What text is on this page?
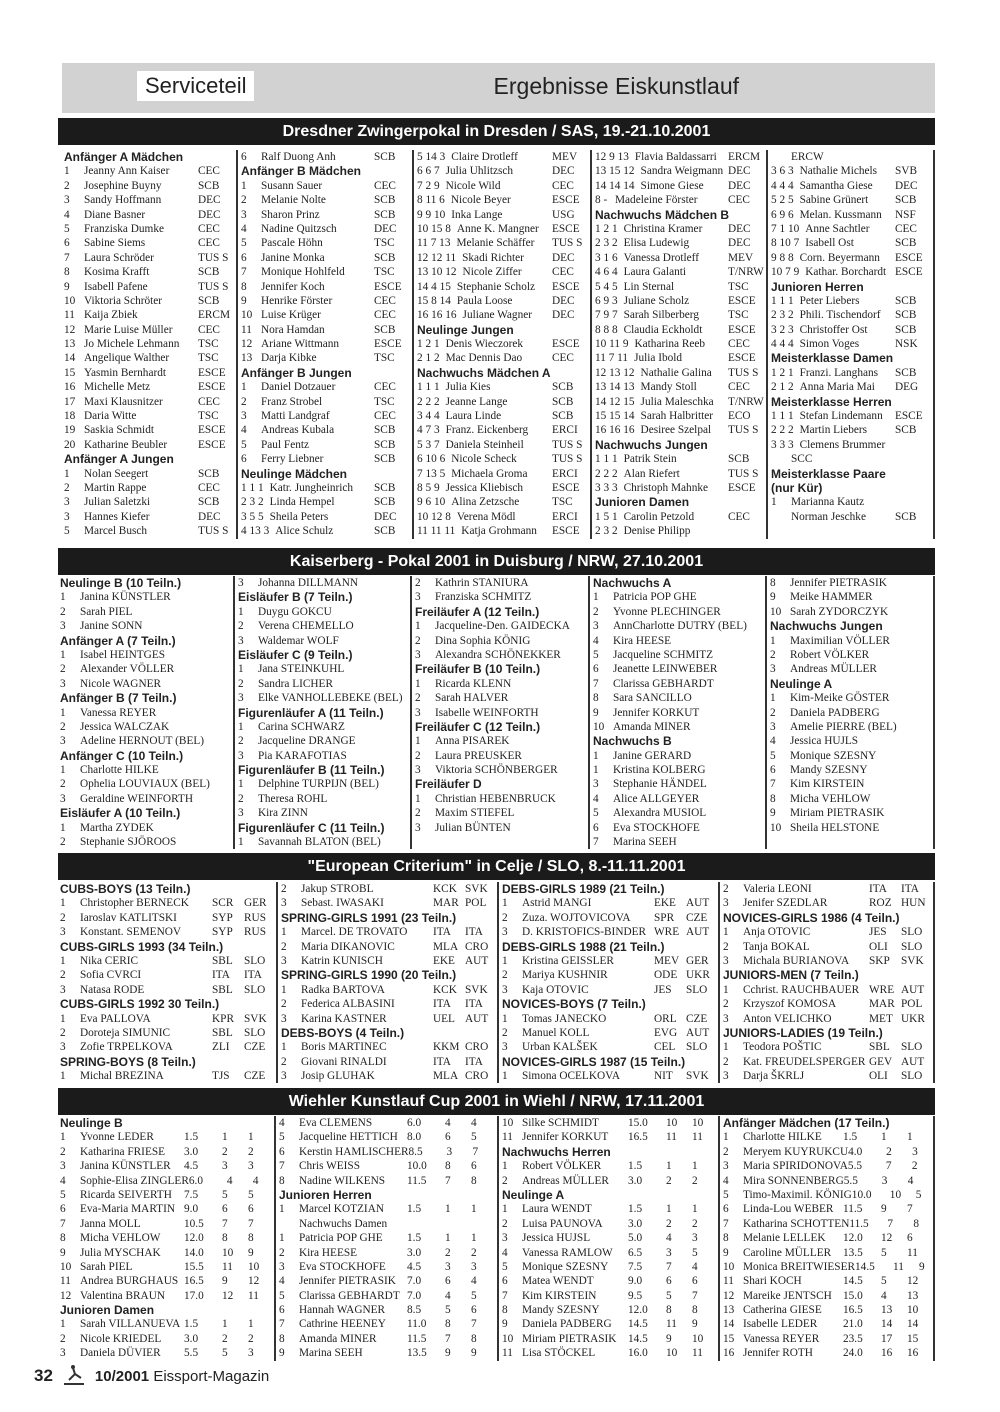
Serviceteil	Ergebnisse Eiskunstlauf
Dresdner Zwingerpokal in Dresden / SAS, 19.-21.10.2001
Anfänger A Mädchen
1	Jeanny Ann Kaiser	CEC
2	Josephine Buyny	SCB
3	Sandy Hoffmann	DEC
4	Diane Basner	DEC
5	Franziska Dumke	CEC
6	Sabine Siems	CEC
7	Laura Schröder	TUS S
8	Kosima Krafft	SCB
9	Isabell Pafene	TUS S
10 Viktoria Schröter	SCB
11 Kaija Zbiek	ERCM
12 Marie Luise Müller	CEC
13 Jo Michele Lehmann	TSC
14 Angelique Walther	TSC
15 Yasmin Bernhardt	ESCE
16 Michelle Metz	ESCE
17 Maxi Klausnitzer	CEC
18 Daria Witte	TSC
19 Saskia Schmidt	ESCE
20 Katharine Beubler	ESCE
Anfänger A Jungen
1	Nolan Seegert	SCB
2	Martin Rappe	CEC
3	Julian Saletzki	SCB
3	Hannes Kiefer	DEC
5	Marcel Busch	TUS S
6	Ralf Duong Anh	SCB
Anfänger B Mädchen
1	Susann Sauer	CEC
2	Melanie Nolte	SCB
3	Sharon Prinz	SCB
4	Nadine Quitzsch	DEC
5	Pascale Höhn	TSC
6	Janine Monka	SCB
7	Monique Hohlfeld	TSC
8	Jennifer Koch	ESCE
9	Henrike Förster	CEC
10 Luise Krüger	CEC
11 Nora Hamdan	SCB
12 Ariane Wittmann	ESCE
13 Darja Kibke	TSC
Anfänger B Jungen
1	Daniel Dotzauer	CEC
2	Franz Strobel	TSC
3	Matti Landgraf	CEC
4	Andreas Kubala	SCB
5	Paul Fentz	SCB
6	Ferry Liebner	SCB
Neulinge Mädchen
1 1 1 Katr. Jungheinrich	SCB
2 3 2 Linda Hempel	SCB
3 5 5 Sheila Peters	DEC
4 13 3 Alice Schulz	SCB
5 14 3 Claire Drotleff	MEV
6 6 7 Julia Uhlitzsch	DEC
7 2 9 Nicole Wild	CEC
8 11 6 Nicole Beyer	ESCE
9 9 10 Inka Lange	USG
10 15 8 Anne K. Mangner	ESCE
11 7 13 Melanie Schäffer	TUS S
12 12 11 Skadi Richter	DEC
13 10 12 Nicole Ziffer	CEC
14 4 15 Stephanie Scholz	ESCE
15 8 14 Paula Loose	DEC
16 16 16 Juliane Wagner	DEC
Neulinge Jungen
1 2 1 Denis Wieczorek	ESCE
2 1 2 Mac Dennis Dao	CEC
Nachwuchs Mädchen A
1 1 1 Julia Kies	SCB
2 2 2 Jeanne Lange	SCB
3 4 4 Laura Linde	SCB
4 7 3 Franz. Eickenberg	ERCI
5 3 7 Daniela Steinheil	TUS S
6 10 6 Nicole Scheck	TUS S
7 13 5 Michaela Groma	ERCI
8 5 9 Jessica Kliebisch	ESCE
9 6 10 Alina Zetzsche	TSC
10 12 8 Verena Mödl	ERCI
11 11 11 Katja Grohmann	ESCE
12 9 13 Flavia Baldassarri ERCM
13 15 12 Sandra Weigmann DEC
14 14 14 Simone Giese	DEC
8 - Madeleine Förster	CEC
Nachwuchs Mädchen B
1 2 1 Christina Kramer	DEC
2 3 2 Elisa Ludewig	DEC
3 1 6 Vanessa Drotleff	MEV
4 6 4 Laura Galanti	T/NRW
5 4 5 Lin Sternal	TSC
6 9 3 Juliane Scholz	ESCE
7 9 7 Sarah Silberberg	TSC
8 8 8 Claudia Eckholdt	ESCE
10 11 9 Katharina Reeb	CEC
11 7 11 Julia Ibold	ESCE
12 13 12 Nathalie Galina	TUS S
13 14 13 Mandy Stoll	CEC
14 12 15 Julia Maleschka	T/NRW
15 15 14 Sarah Halbritter	ECO
16 16 16 Desiree Szelpal	TUS S
Nachwuchs Jungen
1 1 1 Patrik Stein	SCB
2 2 2 Alan Riefert	TUS S
3 3 3 Christoph Mahnke	ESCE
Junioren Damen
1 5 1 Carolin Petzold	CEC
2 3 2 Denise Philipp
ERCW
3 6 3 Nathalie Michels	SVB
4 4 4 Samantha Giese	DEC
5 2 5 Sabine Grünert	SCB
6 9 6 Melan. Kussmann	NSF
7 1 10 Anne Sachtler	CEC
8 10 7 Isabell Ost	SCB
9 8 8 Corn. Beyermann	ESCE
10 7 9 Kathar. Borchardt ESCE
Junioren Herren
1 1 1 Peter Liebers	SCB
2 3 2 Phili. Tischendorf	SCB
3 2 3 Christoffer Ost	SCB
4 4 4 Simon Voges	NSK
Meisterklasse Damen
1 2 1 Franzi. Langhans	SCB
2 1 2 Anna Maria Mai	DEG
Meisterklasse Herren
1 1 1 Stefan Lindemann	ESCE
2 2 2 Martin Liebers	SCB
3 3 3 Clemens Brummer
SCC
Meisterklasse Paare
(nur Kür)
1	Marianna Kautz
Norman Jeschke	SCB
Kaiserberg - Pokal 2001 in Duisburg / NRW, 27.10.2001
Neulinge B (10 Teiln.)
1	Janina KÜNSTLER
2	Sarah PIEL
3	Janine SONN
Anfänger A (7 Teiln.)
1	Isabel HEINTGES
2	Alexander VÖLLER
3	Nicole WAGNER
Anfänger B (7 Teiln.)
1	Vanessa REYER
2	Jessica WALCZAK
3	Adeline HERNOUT (BEL)
Anfänger C (10 Teiln.)
1	Charlotte HILKE
2	Ophelia LOUVIAUX (BEL)
3	Geraldine WEINFORTH
Eisläufer A (10 Teiln.)
1	Martha ZYDEK
2	Stephanie SJÖROOS
3	Johanna DILLMANN
Eisläufer B (7 Teiln.)
1	Duygu GOKCU
2	Verena CHEMELLO
3	Waldemar WOLF
Eisläufer C (9 Teiln.)
1	Jana STEINKUHL
2	Sandra LICHER
3	Elke VANHOLLEBEKE (BEL)
Figurenläufer A (11 Teiln.)
1	Carina SCHWARZ
2	Jacqueline DRANGE
3	Pia KARAFOTIAS
Figurenläufer B (11 Teiln.)
1	Delphine TURPIJN (BEL)
2	Theresa ROHL
3	Kira ZINN
Figurenläufer C (11 Teiln.)
1	Savannah BLATON (BEL)
2	Kathrin STANIURA
3	Franziska SCHMITZ
Freiläufer A (12 Teiln.)
1	Jacqueline-Den. GAIDECKA
2	Dina Sophia KÖNIG
3	Alexandra SCHÖNEKKER
Freiläufer B (10 Teiln.)
1	Ricarda KLENN
2	Sarah HALVER
3	Isabelle WEINFORTH
Freiläufer C (12 Teiln.)
1	Anna PISAREK
2	Laura PREUSKER
3	Viktoria SCHÖNBERGER
Freiläufer D
1	Christian HEBENBRUCK
2	Maxim STIEFEL
3	Julian BÜNTEN
Nachwuchs A
1	Patricia POP GHE
2	Yvonne PLECHINGER
3	AnnCharlotte DUTRY (BEL)
4	Kira HEESE
5	Jacqueline SCHMITZ
6	Jeanette LEINWEBER
7	Clarissa GEBHARDT
8	Sara SANCILLO
9	Jennifer KORKUT
10 Amanda MINER
Nachwuchs B
1	Janine GERARD
1	Kristina KOLBERG
3	Stephanie HÄNDEL
4	Alice ALLGEYER
5	Alexandra MUSIOL
6	Eva STOCKHOFE
7	Marina SEEH
8	Jennifer PIETRASIK
9	Meike HAMMER
10 Sarah ZYDORCZYK
Nachwuchs Jungen
1	Maximilian VÖLLER
2	Robert VÖLKER
3	Andreas MÜLLER
Neulinge A
1	Kim-Meike GÖSTER
2	Daniela PADBERG
3	Amelie PIERRE (BEL)
4	Jessica HUJLS
5	Monique SZESNY
6	Mandy SZESNY
7	Kim KIRSTEIN
8	Micha VEHLOW
9	Miriam PIETRASIK
10 Sheila HELSTONE
"European Criterium" in Celje / SLO, 8.-11.11.2001
CUBS-BOYS (13 Teiln.)
1	Christopher BERNECK	SCR GER
2	Iaroslav KATLITSKI	SYP RUS
3	Konstant. SEMENOV	SYP RUS
CUBS-GIRLS 1993 (34 Teiln.)
1	Nika CERIC	SBL SLO
2	Sofia CVRCI	ITA	ITA
3	Natasa RODE	SBL SLO
CUBS-GIRLS 1992 30 Teiln.)
1	Eva PALLOVA	KPR SVK
2	Doroteja SIMUNIC	SBL SLO
3	Zofie TRPELKOVA	ZLI	CZE
SPRING-BOYS (8 Teiln.)
1	Michal BREZINA	TJS	CZE
2	Jakup STROBL	KCK SVK
3	Sebast. IWASAKI	MAR POL
SPRING-GIRLS 1991 (23 Teiln.)
1	Marcel. DE TROVATO	ITA	ITA
2	Maria DIKANOVIC	MLA CRO
3	Katrin KUNISCH	EKE AUT
SPRING-GIRLS 1990 (20 Teiln.)
1	Radka BARTOVA	KCK SVK
2	Federica ALBASINI	ITA	ITA
3	Karina KASTNER	UEL AUT
DEBS-BOYS (4 Teiln.)
1	Boris MARTINEC	KKM CRO
2	Giovani RINALDI	ITA	ITA
3	Josip GLUHAK	MLA CRO
DEBS-GIRLS 1989 (21 Teiln.)
1	Astrid MANGI	EKE AUT
2	Zuza. WOJTOVICOVA	SPR	CZE
3	D. KRISTOFICS-BINDER WRE AUT
DEBS-GIRLS 1988 (21 Teiln.)
1	Kristina GEISSLER	MEV GER
2	Mariya KUSHNIR	ODE UKR
3	Kaja OTOVIC	JES	SLO
NOVICES-BOYS (7 Teiln.)
1	Tomas JANECKO	ORL CZE
2	Manuel KOLL	EVG AUT
3	Urban KALŠEK	CEL SLO
NOVICES-GIRLS 1987 (15 Teiln.)
1	Simona OCELKOVA	NIT	SVK
2	Valeria LEONI	ITA	ITA
3	Jenifer SZEDLAR	ROZ HUN
NOVICES-GIRLS 1986 (4 Teiln.)
1	Anja OTOVIC	JES	SLO
2	Tanja BOKAL	OLI	SLO
3	Michala BURIANOVA	SKP SVK
JUNIORS-MEN (7 Teiln.)
1	Cchrist. RAUCHBAUER WRE AUT
2	Krzyszof KOMOSA	MAR POL
3	Anton VELICHKO	MET UKR
JUNIORS-LADIES (19 Teiln.)
1	Teodora POŠTIC	SBL SLO
2	Kat. FREUDELSPERGER GEV AUT
3	Darja ŠKRLJ	OLI	SLO
Wiehler Kunstlauf Cup 2001 in Wiehl / NRW, 17.11.2001
Neulinge B
1	Yvonne LEDER	1.5	1	1
2	Katharina FRIESE	3.0	2	2
3	Janina KÜNSTLER	4.5	3	3
4	Sophie-Elisa ZINGLER 6.0	4	4
5	Ricarda SEIVERTH	7.5	5	5
6	Eva-Maria MARTIN 9.0	6	6
7	Janna MOLL	10.5	7	7
8	Micha VEHLOW	12.0	8	8
9	Julia MYSCHAK	14.0	10	9
10 Sarah PIEL	15.5	11	10
11 Andrea BURGHAUS 16.5	9	12
12 Valentina BRAUN	17.0	12	11
Junioren Damen
1	Sarah VILLANUEVA 1.5	1	1
2	Nicole KRIEDEL	3.0	2	2
3	Daniela DÜVIER	5.5	5	3
4	Eva CLEMENS	6.0	4	4
5	Jacqueline HETTICH 8.0	6	5
6	Kerstin HAMLISCHER 8.5	3	7
7	Chris WEISS	10.0	8	6
8	Nadine WILKENS	11.5	7	8
Junioren Herren
1	Marcel KOTZIAN	1.5	1	1
Nachwuchs Damen
1	Patricia POP GHE	1.5	1	1
2	Kira HEESE	3.0	2	2
3	Eva STOCKHOFE	4.5	3	3
4	Jennifer PIETRASIK 7.0	6	4
5	Clarissa GEBHARDT 7.0	4	5
6	Hannah WAGNER	8.5	5	6
7	Cathrine HEENEY	11.0	8	7
8	Amanda MINER	11.5	7	8
9	Marina SEEH	13.5	9	9
10 Silke SCHMIDT	15.0	10	10
11 Jennifer KORKUT	16.5	11	11
Nachwuchs Herren
1	Robert VÖLKER	1.5	1	1
2	Andreas MÜLLER	3.0	2	2
Neulinge A
1	Laura WENDT	1.5	1	1
2	Luisa PAUNOVA	3.0	2	2
3	Jessica HUJSL	5.0	4	3
4	Vanessa RAMLOW	6.5	3	5
5	Monique SZESNY	7.5	7	4
6	Matea WENDT	9.0	6	6
7	Kim KIRSTEIN	9.5	5	7
8	Mandy SZESNY	12.0	8	8
9	Daniela PADBERG	14.5	11	9
10 Miriam PIETRASIK	14.5	9	10
11 Lisa STÖCKEL	16.0	10	11
Anfänger Mädchen (17 Teiln.)
1	Charlotte HILKE	1.5	1	1
2	Meryem KUYRUKCU 4.0	2	3
3	Maria SPIRIDONOVA 5.5	7	2
4	Mira SONNENBERG 5.5	3	4
5	Timo-Maximil. KÖNIG 10.0	10	5
6	Linda-Lou WEBER 11.5	9	7
7	Katharina SCHOTTEN 11.5	7	8
8	Melanie LELLEK	12.0	12	6
9	Caroline MÜLLER	13.5	5	11
10 Monica BREITWIESER 14.5	11	9
11 Shari KOCH	14.5	5	12
12 Mareike JENTSCH 15.0	4	13
13 Catherina GIESE	16.5	13	10
14 Isabelle LEDER	21.0	14	14
15 Vanessa REYER	23.5	17	15
16 Jennifer ROTH	24.0	16	16
32	10/2001 Eissport-Magazin
